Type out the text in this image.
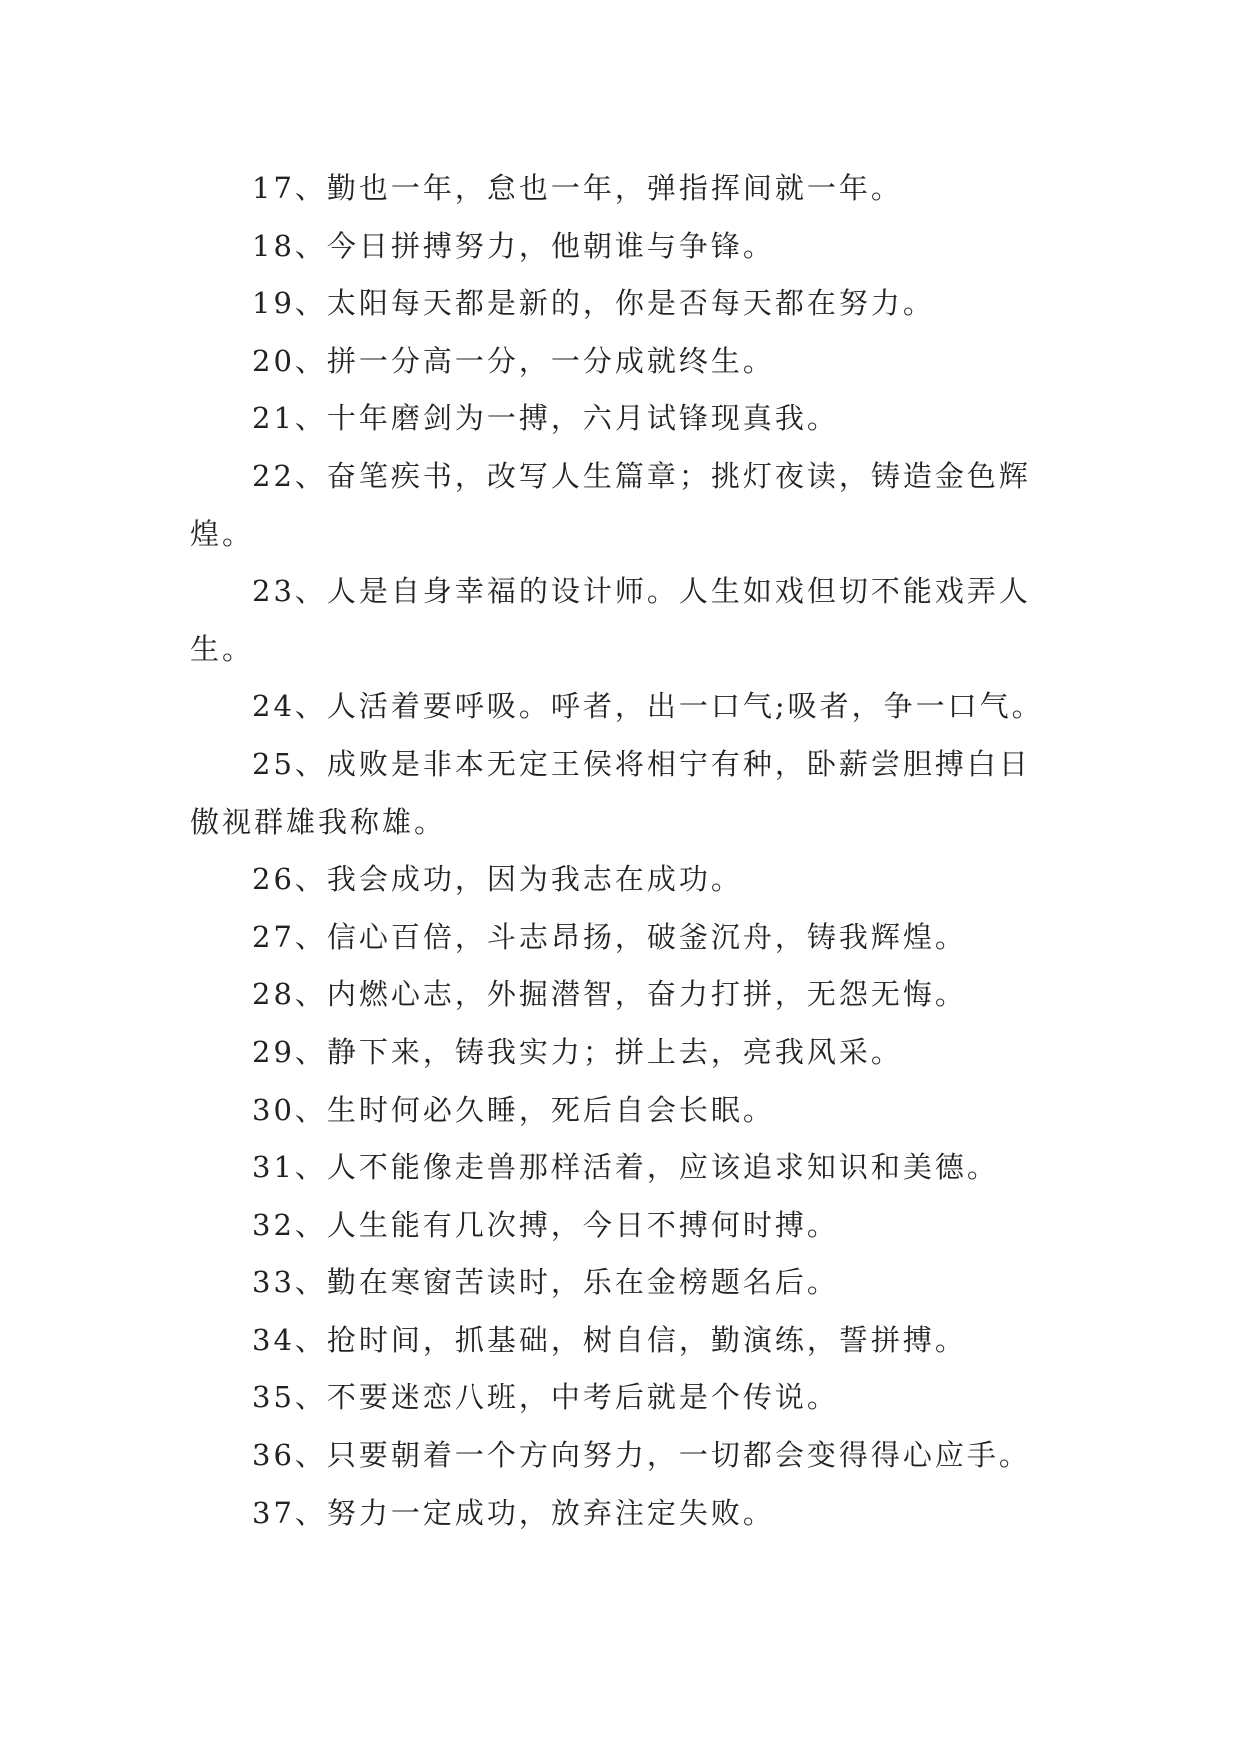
17、勤也一年，怠也一年，弹指挥间就一年。

18、今日拼搏努力，他朝谁与争锋。

19、太阳每天都是新的，你是否每天都在努力。

20、拼一分高一分，一分成就终生。

21、十年磨剑为一搏，六月试锋现真我。

22、奋笔疾书，改写人生篇章；挑灯夜读，铸造金色辉煌。

23、人是自身幸福的设计师。人生如戏但切不能戏弄人生。

24、人活着要呼吸。呼者，出一口气;吸者，争一口气。

25、成败是非本无定王侯将相宁有种，卧薪尝胆搏白日傲视群雄我称雄。

26、我会成功，因为我志在成功。

27、信心百倍，斗志昂扬，破釜沉舟，铸我辉煌。

28、内燃心志，外掘潜智，奋力打拼，无怨无悔。

29、静下来，铸我实力；拼上去，亮我风采。

30、生时何必久睡，死后自会长眠。

31、人不能像走兽那样活着，应该追求知识和美德。

32、人生能有几次搏，今日不搏何时搏。

33、勤在寒窗苦读时，乐在金榜题名后。

34、抢时间，抓基础，树自信，勤演练，誓拼搏。

35、不要迷恋八班，中考后就是个传说。

36、只要朝着一个方向努力，一切都会变得得心应手。

37、努力一定成功，放弃注定失败。
